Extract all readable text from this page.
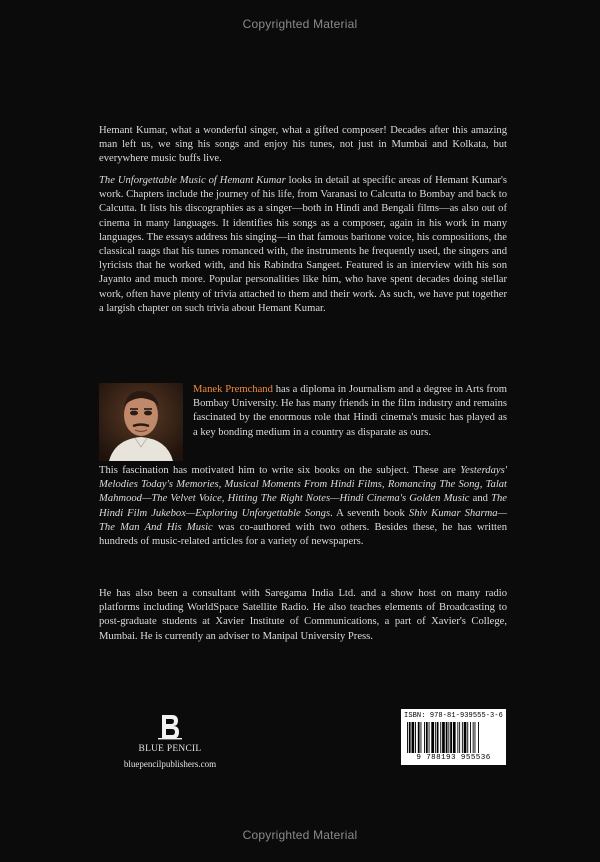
Copyrighted Material

Hemant Kumar, what a wonderful singer, what a gifted composer! Decades after this amazing man left us, we sing his songs and enjoy his tunes, not just in Mumbai and Kolkata, but everywhere music buffs live.

The Unforgettable Music of Hemant Kumar looks in detail at specific areas of Hemant Kumar's work. Chapters include the journey of his life, from Varanasi to Calcutta to Bombay and back to Calcutta. It lists his discographies as a singer—both in Hindi and Bengali films—as also out of cinema in many languages. It identifies his songs as a composer, again in his work in many languages. The essays address his singing—in that famous baritone voice, his compositions, the classical raags that his tunes romanced with, the instruments he frequently used, the singers and lyricists that he worked with, and his Rabindra Sangeet. Featured is an interview with his son Jayanto and much more. Popular personalities like him, who have spent decades doing stellar work, often have plenty of trivia attached to them and their work. As such, we have put together a largish chapter on such trivia about Hemant Kumar.

Manek Premchand has a diploma in Journalism and a degree in Arts from Bombay University. He has many friends in the film industry and remains fascinated by the enormous role that Hindi cinema's music has played as a key bonding medium in a country as disparate as ours.

This fascination has motivated him to write six books on the subject. These are Yesterdays' Melodies Today's Memories, Musical Moments From Hindi Films, Romancing The Song, Talat Mahmood—The Velvet Voice, Hitting The Right Notes—Hindi Cinema's Golden Music and The Hindi Film Jukebox—Exploring Unforgettable Songs. A seventh book Shiv Kumar Sharma—The Man And His Music was co-authored with two others. Besides these, he has written hundreds of music-related articles for a variety of newspapers.

He has also been a consultant with Saregama India Ltd. and a show host on many radio platforms including WorldSpace Satellite Radio. He also teaches elements of Broadcasting to post-graduate students at Xavier Institute of Communications, a part of Xavier's College, Mumbai. He is currently an adviser to Manipal University Press.

BLUE PENCIL
bluepencilpublishers.com
ISBN: 978-81-939555-3-6
9 788193 955536
Copyrighted Material
